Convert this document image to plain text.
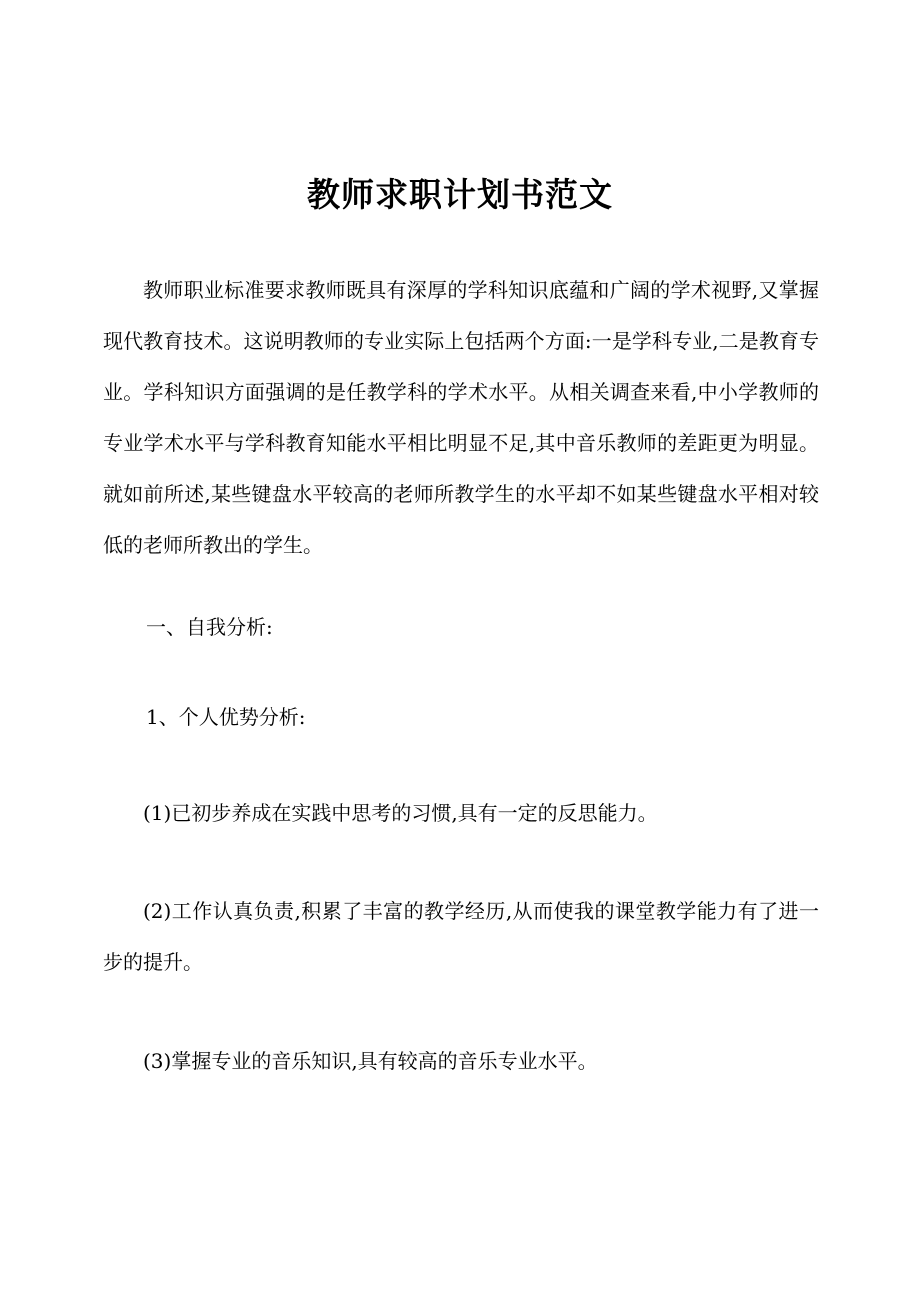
教师求职计划书范文

教师职业标准要求教师既具有深厚的学科知识底蕴和广阔的学术视野,又掌握现代教育技术。这说明教师的专业实际上包括两个方面:一是学科专业,二是教育专业。学科知识方面强调的是任教学科的学术水平。从相关调查来看,中小学教师的专业学术水平与学科教育知能水平相比明显不足,其中音乐教师的差距更为明显。就如前所述,某些键盘水平较高的老师所教学生的水平却不如某些键盘水平相对较低的老师所教出的学生。

一、自我分析:

1、个人优势分析:

(1)已初步养成在实践中思考的习惯,具有一定的反思能力。

(2)工作认真负责,积累了丰富的教学经历,从而使我的课堂教学能力有了进一步的提升。

(3)掌握专业的音乐知识,具有较高的音乐专业水平。
